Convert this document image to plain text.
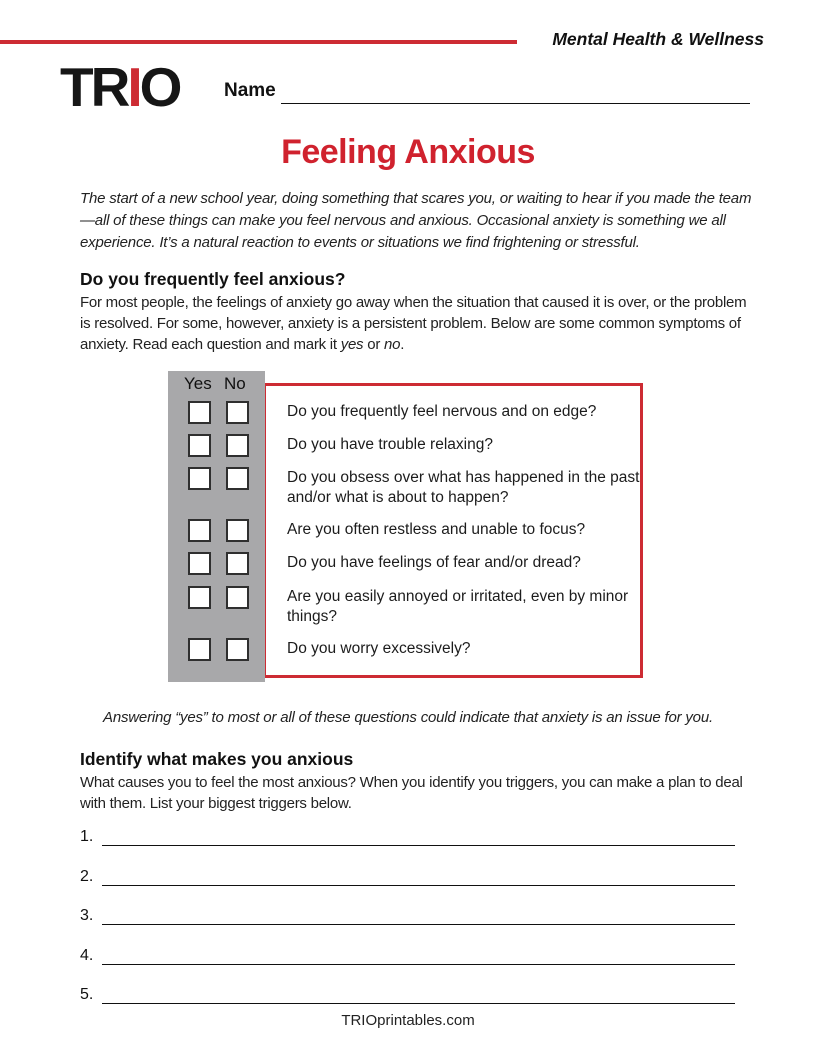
Mental Health & Wellness
TRIO Name
Feeling Anxious
The start of a new school year, doing something that scares you, or waiting to hear if you made the team—all of these things can make you feel nervous and anxious. Occasional anxiety is something we all experience. It’s a natural reaction to events or situations we find frightening or stressful.
Do you frequently feel anxious?
For most people, the feelings of anxiety go away when the situation that caused it is over, or the problem is resolved. For some, however, anxiety is a persistent problem. Below are some common symptoms of anxiety. Read each question and mark it yes or no.
Yes No
Do you frequently feel nervous and on edge?
Do you have trouble relaxing?
Do you obsess over what has happened in the past and/or what is about to happen?
Are you often restless and unable to focus?
Do you have feelings of fear and/or dread?
Are you easily annoyed or irritated, even by minor things?
Do you worry excessively?
Answering “yes” to most or all of these questions could indicate that anxiety is an issue for you.
Identify what makes you anxious
What causes you to feel the most anxious? When you identify you triggers, you can make a plan to deal with them. List your biggest triggers below.
1.
2.
3.
4.
5.
TRIOprintables.com
